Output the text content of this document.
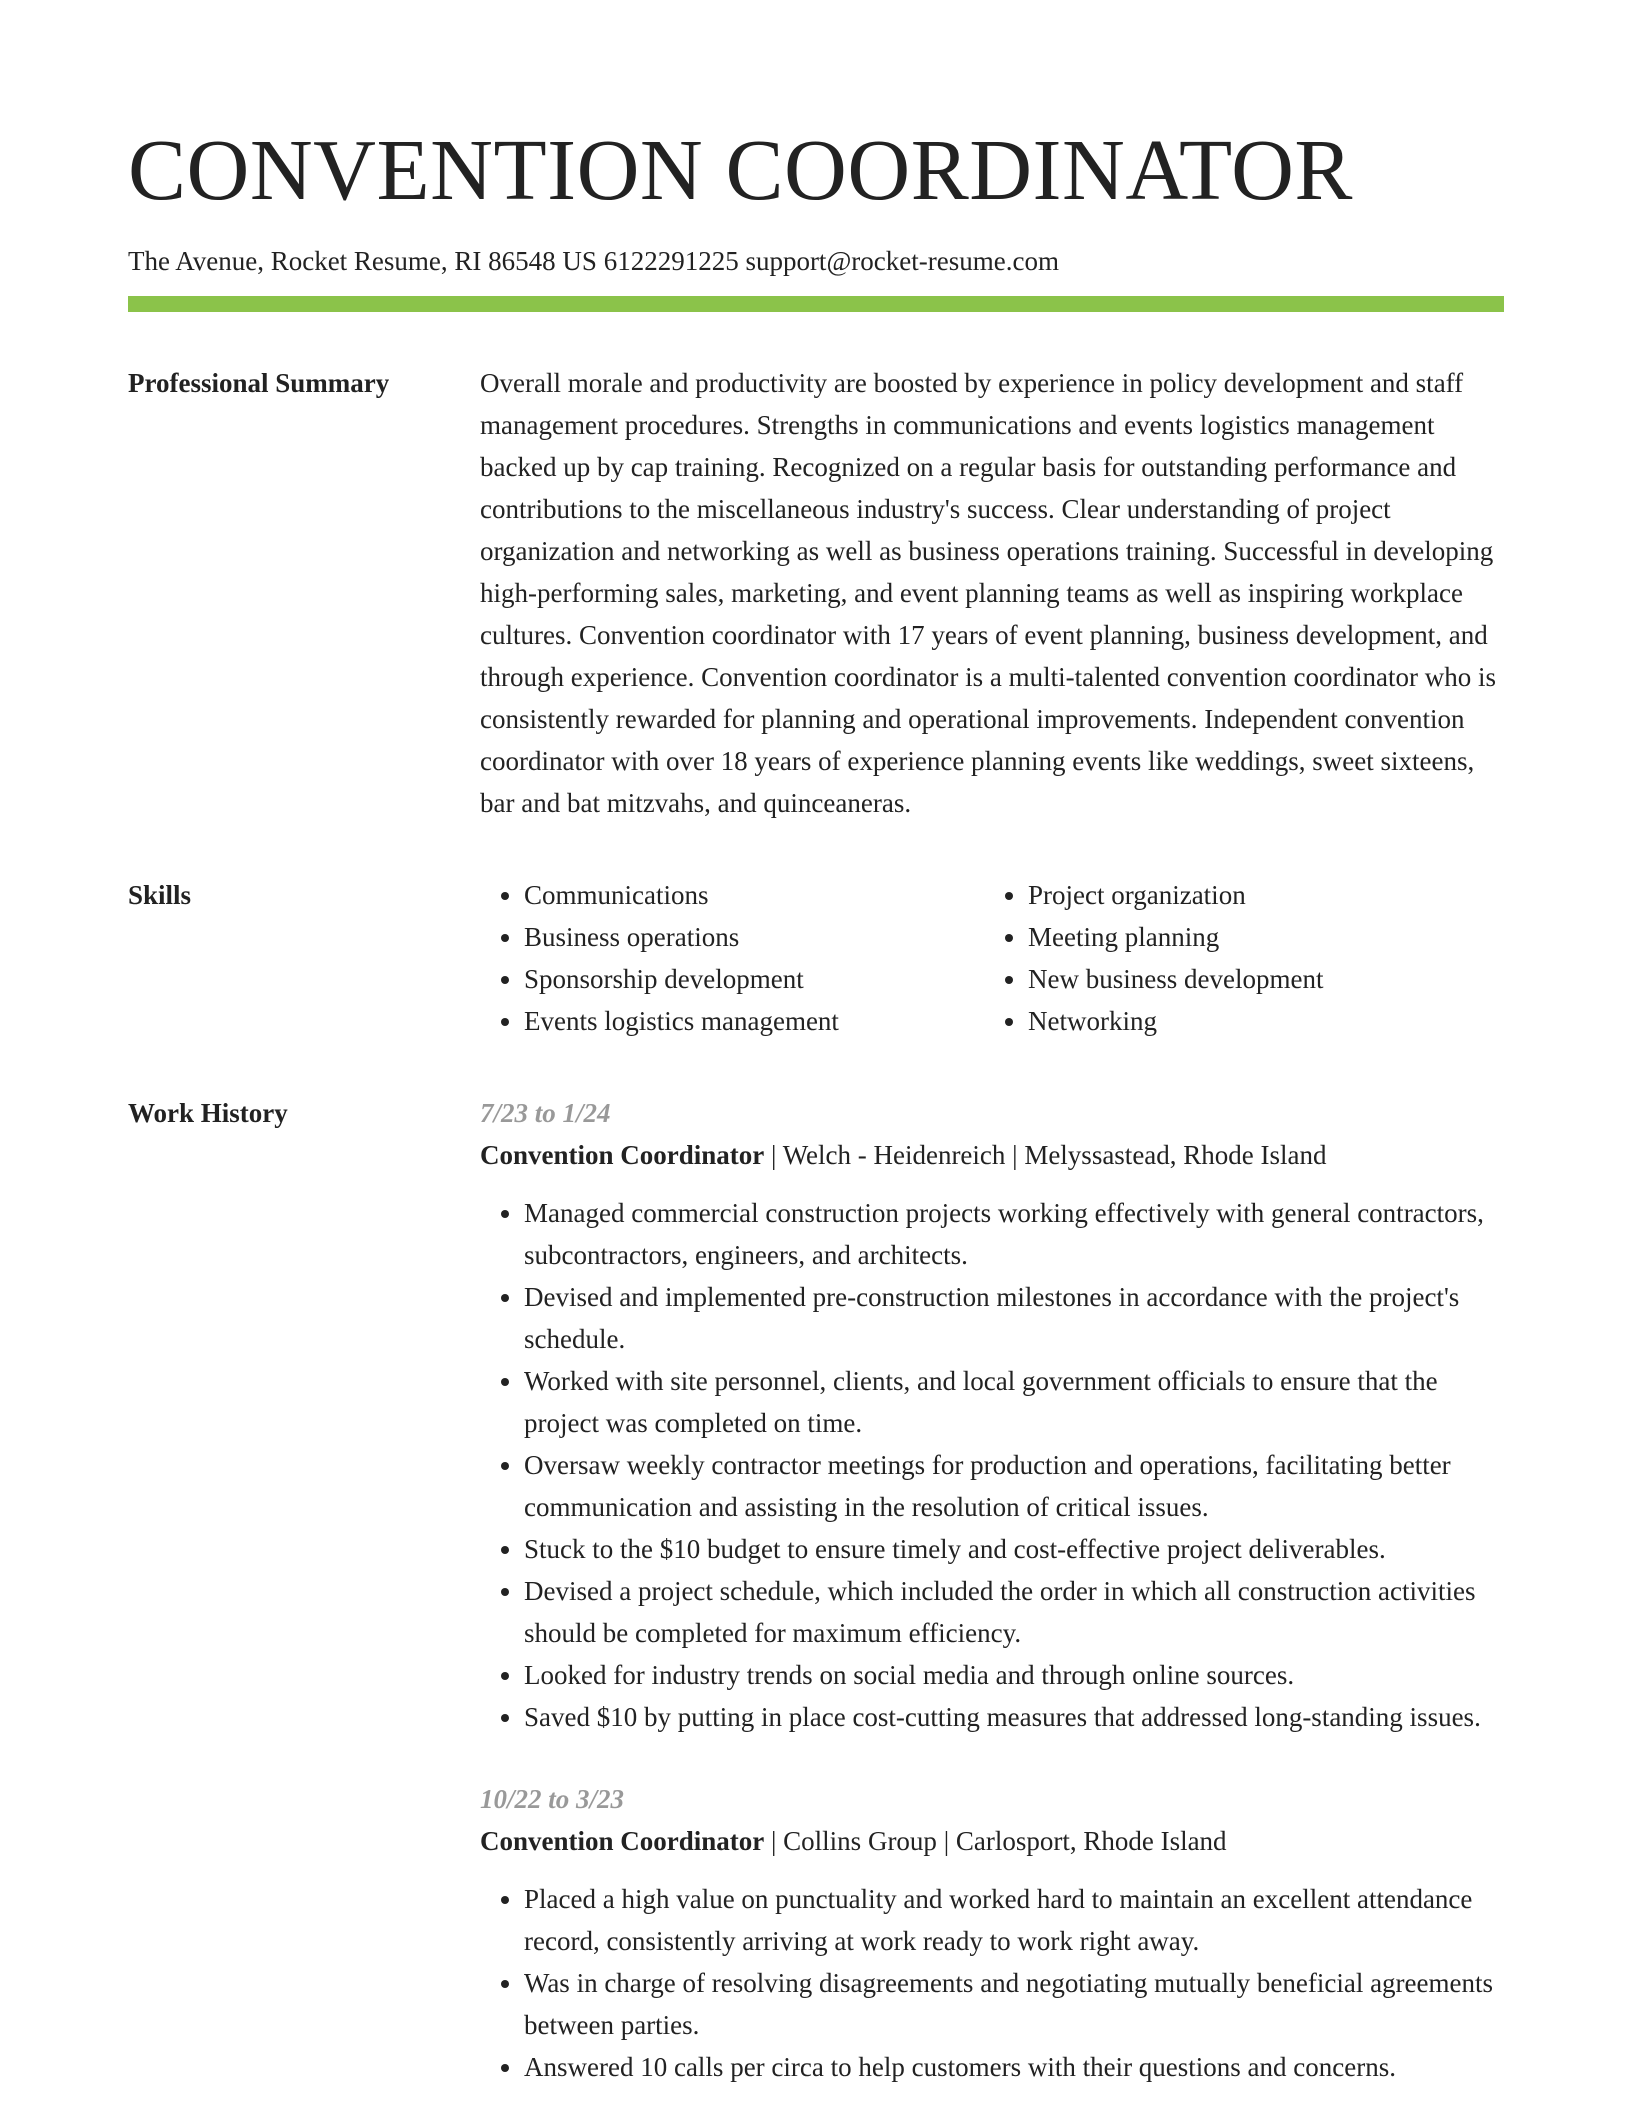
CONVENTION COORDINATOR
The Avenue, Rocket Resume, RI 86548 US 6122291225 support@rocket-resume.com
Professional Summary	Overall morale and productivity are boosted by experience in policy development and staff management procedures. Strengths in communications and events logistics management backed up by cap training. Recognized on a regular basis for outstanding performance and contributions to the miscellaneous industry's success. Clear understanding of project organization and networking as well as business operations training. Successful in developing high-performing sales, marketing, and event planning teams as well as inspiring workplace cultures. Convention coordinator with 17 years of event planning, business development, and through experience. Convention coordinator is a multi-talented convention coordinator who is consistently rewarded for planning and operational improvements. Independent convention coordinator with over 18 years of experience planning events like weddings, sweet sixteens, bar and bat mitzvahs, and quinceaneras.

Skills
•	Communications
• Business operations
• Sponsorship development
• Events logistics management
• Project organization
• Meeting planning
• New business development
• Networking
Work History	7/23 to 1/24
Convention Coordinator | Welch - Heidenreich | Melyssastead, Rhode Island
• Managed commercial construction projects working effectively with general contractors, subcontractors, engineers, and architects.
• Devised and implemented pre-construction milestones in accordance with the project's schedule.
• Worked with site personnel, clients, and local government officials to ensure that the project was completed on time.
• Oversaw weekly contractor meetings for production and operations, facilitating better communication and assisting in the resolution of critical issues.
• Stuck to the $10 budget to ensure timely and cost-effective project deliverables.
• Devised a project schedule, which included the order in which all construction activities should be completed for maximum efficiency.
• Looked for industry trends on social media and through online sources.
• Saved $10 by putting in place cost-cutting measures that addressed long-standing issues.
10/22 to 3/23
Convention Coordinator | Collins Group | Carlosport, Rhode Island
• Placed a high value on punctuality and worked hard to maintain an excellent attendance record, consistently arriving at work ready to work right away.
• Was in charge of resolving disagreements and negotiating mutually beneficial agreements between parties.
• Answered 10 calls per circa to help customers with their questions and concerns.
